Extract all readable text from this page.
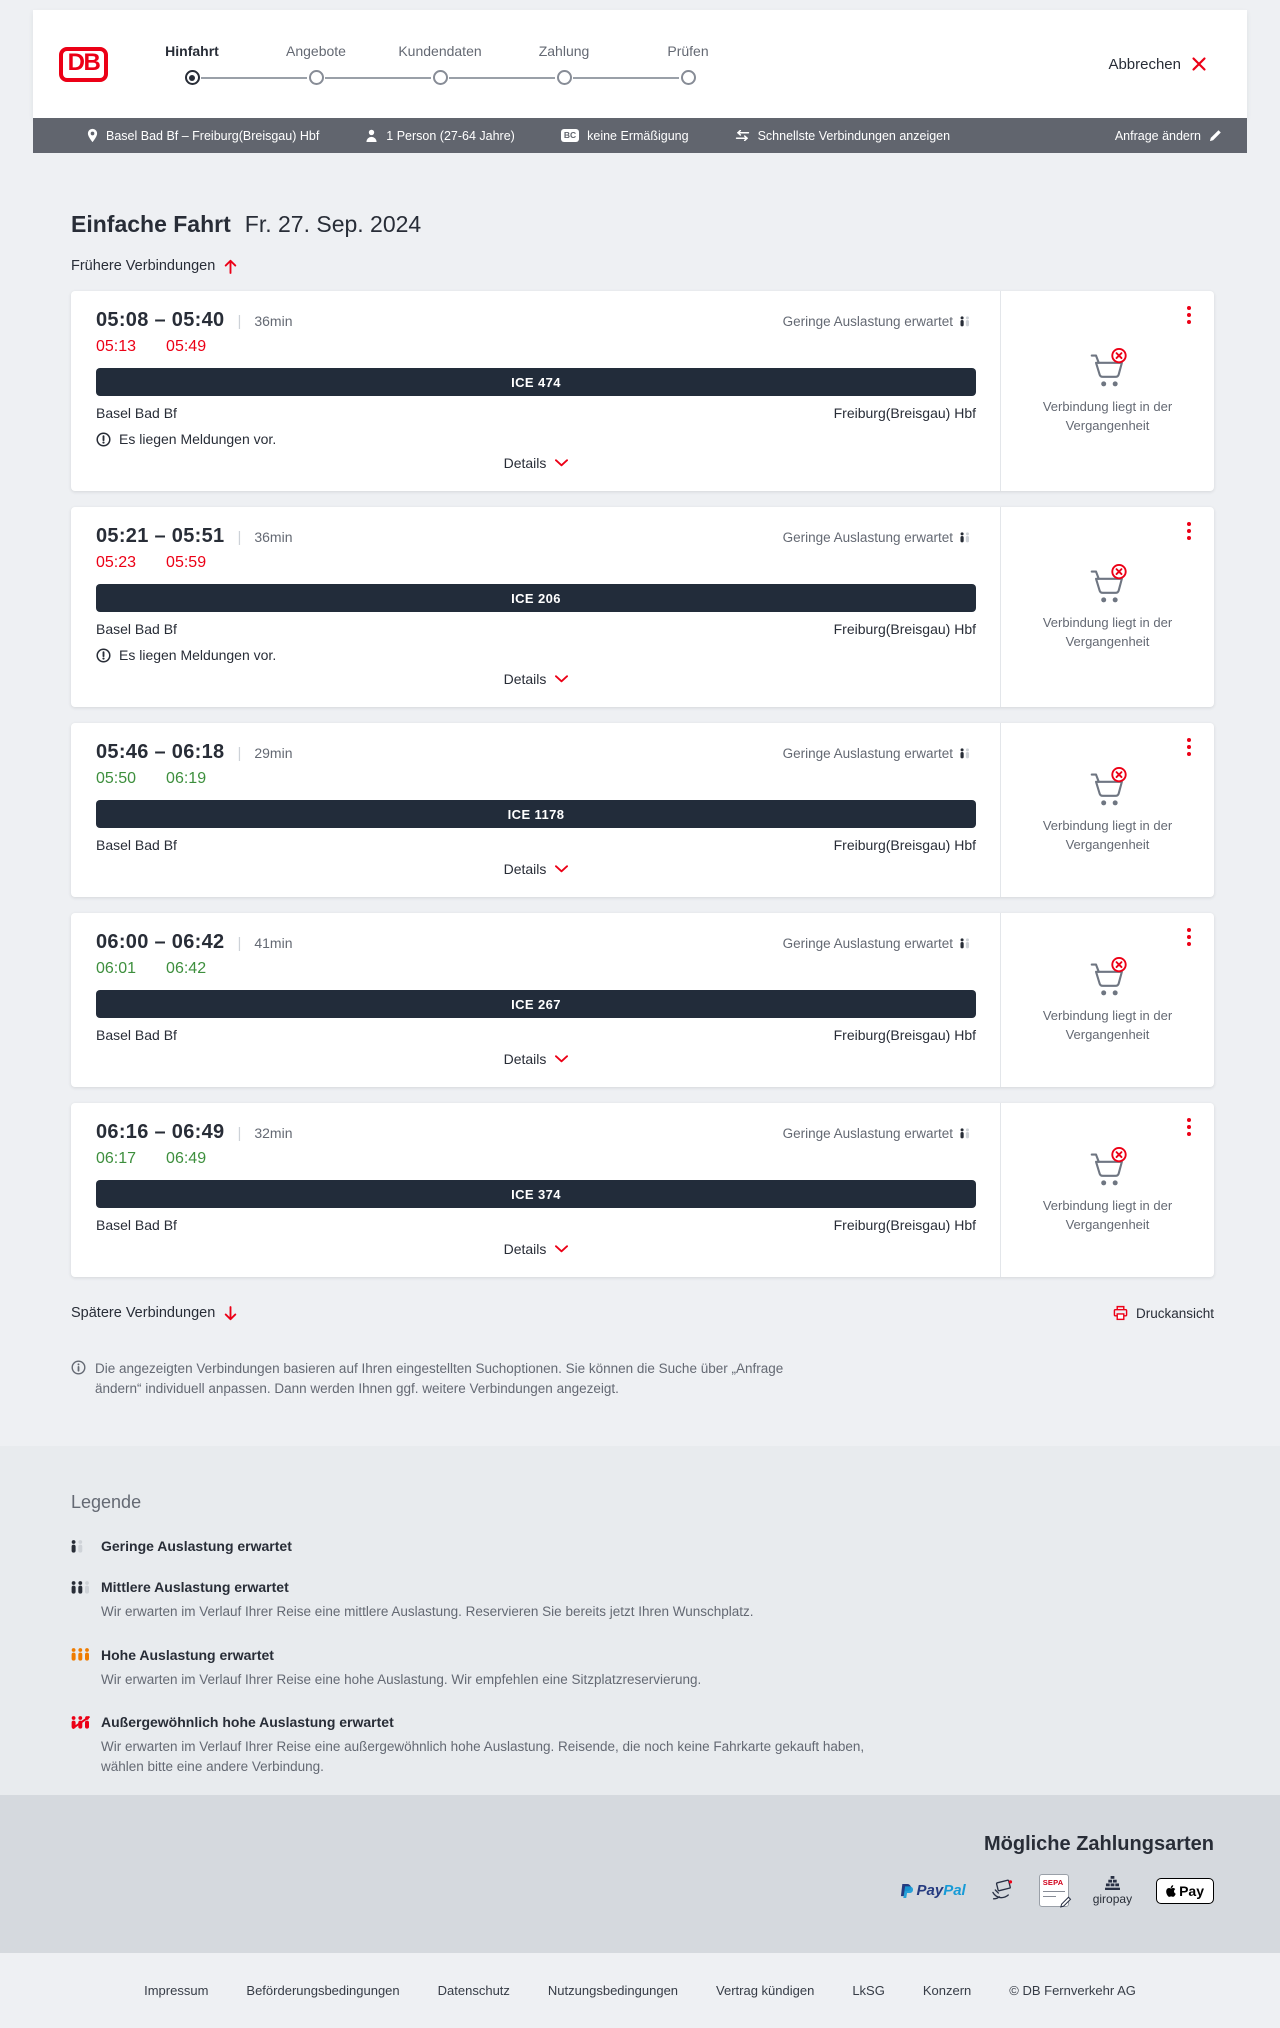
DB	Hinfahrt	Angebote	Kundendaten	Zahlung	Prüfen
Abbrechen
Basel Bad Bf – Freiburg(Breisgau) Hbf	1 Person (27-64 Jahre)	BC keine Ermäßigung	Schnellste Verbindungen anzeigen	Anfrage ändern
Einfache Fahrt Fr. 27. Sep. 2024
Frühere Verbindungen
05:08 – 05:40 | 36min	Geringe Auslastung erwartet
05:13 05:49
ICE 474
Basel Bad Bf	Freiburg(Breisgau) Hbf
Es liegen Meldungen vor.
Details
Verbindung liegt in der Vergangenheit
05:21 – 05:51 | 36min	Geringe Auslastung erwartet
05:23 05:59
ICE 206
Basel Bad Bf	Freiburg(Breisgau) Hbf
Es liegen Meldungen vor.
Details
Verbindung liegt in der Vergangenheit
05:46 – 06:18 | 29min	Geringe Auslastung erwartet
05:50 06:19
ICE 1178
Basel Bad Bf	Freiburg(Breisgau) Hbf
Details
Verbindung liegt in der Vergangenheit
06:00 – 06:42 | 41min	Geringe Auslastung erwartet
06:01 06:42
ICE 267
Basel Bad Bf	Freiburg(Breisgau) Hbf
Details
Verbindung liegt in der Vergangenheit
06:16 – 06:49 | 32min	Geringe Auslastung erwartet
06:17 06:49
ICE 374
Basel Bad Bf	Freiburg(Breisgau) Hbf
Details
Verbindung liegt in der Vergangenheit
Spätere Verbindungen	Druckansicht
Die angezeigten Verbindungen basieren auf Ihren eingestellten Suchoptionen. Sie können die Suche über „Anfrage ändern“ individuell anpassen. Dann werden Ihnen ggf. weitere Verbindungen angezeigt.
Legende
Geringe Auslastung erwartet
Mittlere Auslastung erwartet
Wir erwarten im Verlauf Ihrer Reise eine mittlere Auslastung. Reservieren Sie bereits jetzt Ihren Wunschplatz.
Hohe Auslastung erwartet
Wir erwarten im Verlauf Ihrer Reise eine hohe Auslastung. Wir empfehlen eine Sitzplatzreservierung.
Außergewöhnlich hohe Auslastung erwartet
Wir erwarten im Verlauf Ihrer Reise eine außergewöhnlich hohe Auslastung. Reisende, die noch keine Fahrkarte gekauft haben, wählen bitte eine andere Verbindung.
Mögliche Zahlungsarten
PayPal	SEPA
giropay	Pay
Impressum	Beförderungsbedingungen	Datenschutz	Nutzungsbedingungen	Vertrag kündigen	LkSG	Konzern	© DB Fernverkehr AG
